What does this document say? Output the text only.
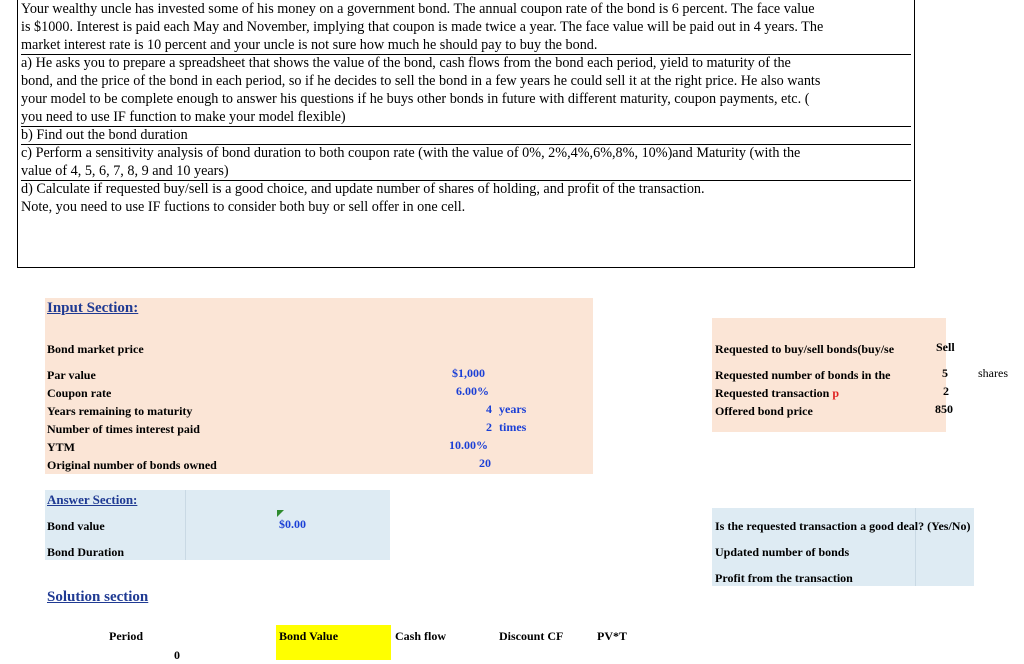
Your wealthy uncle has invested some of his money on a government bond. The annual coupon rate of the bond is 6 percent. The face value
is $1000. Interest is paid each May and November, implying that coupon is made twice a year. The face value will be paid out in 4 years. The
market interest rate is 10 percent and your uncle is not sure how much he should pay to buy the bond.
a) He asks you to prepare a spreadsheet that shows the value of the bond, cash flows from the bond each period, yield to maturity of the
bond, and the price of the bond in each period, so if he decides to sell the bond in a few years he could sell it at the right price. He also wants
your model to be complete enough to answer his questions if he buys other bonds in future with different maturity, coupon payments, etc. (
you need to use IF function to make your model flexible)
b) Find out the bond duration
c) Perform a sensitivity analysis of bond duration to both coupon rate (with the value of 0%, 2%,4%,6%,8%, 10%)and Maturity (with the
value of 4, 5, 6, 7, 8, 9 and 10 years)
d) Calculate if requested buy/sell is a good choice, and update number of shares of holding, and profit of the transaction.
Note, you need to use IF fuctions to consider both buy or sell offer in one cell.
Input Section:
Bond market price
Par value	$1,000
Coupon rate	6.00%
Years remaining to maturity	4 years
Number of times interest paid	2 times
YTM	10.00%
Original number of bonds owned	20
Requested to buy/sell bonds(buy/se	Sell
Requested number of bonds in the	5	shares
Requested transaction p	2
Offered bond price	850
Answer Section:
Bond value	$0.00
Bond Duration
Is the requested transaction a good deal? (Yes/No)
Updated number of bonds
Profit from the transaction
Solution section
Period	Bond Value	Cash flow	Discount CF	PV*T
0
